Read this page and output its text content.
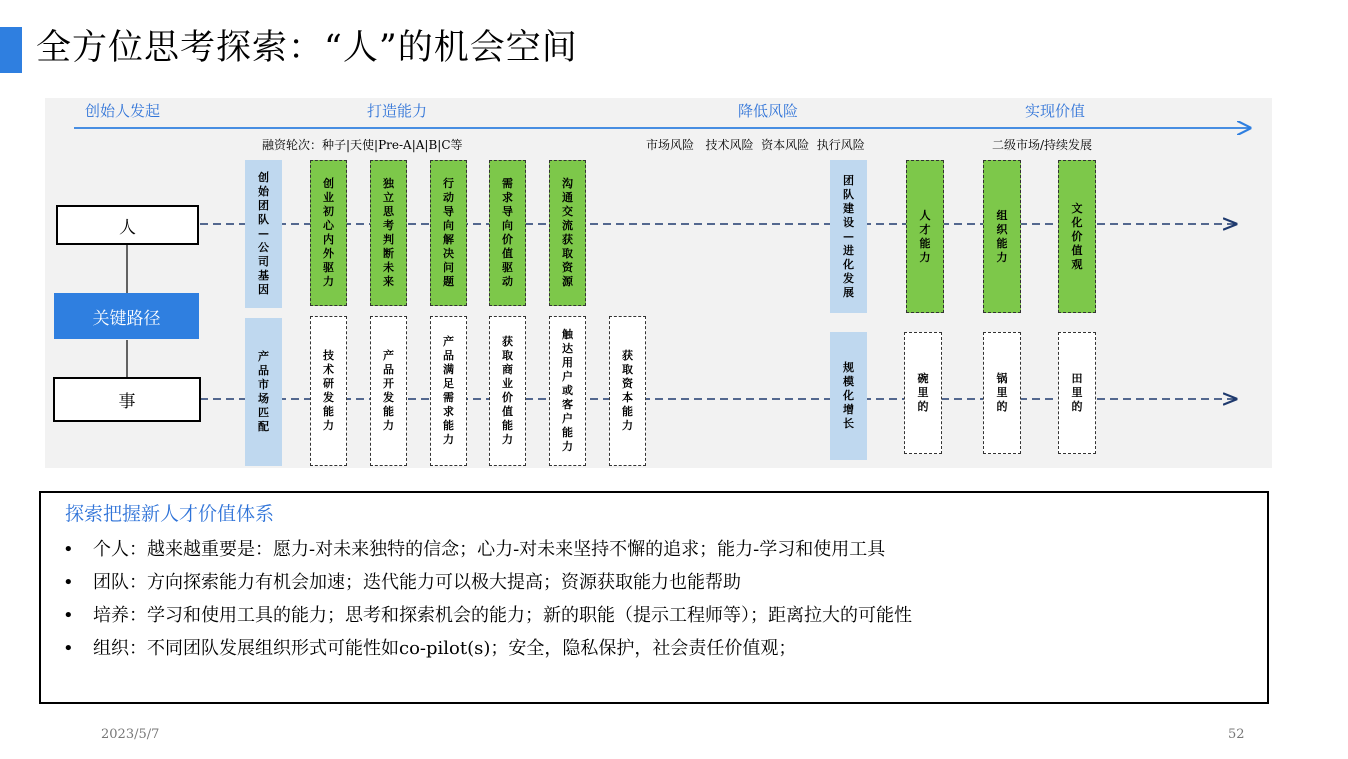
全方位思考探索：“人”的机会空间
创始人发起	打造能力	降低风险	实现价值
融资轮次：种子|天使|Pre-A|A|B|C等	市场风险   技术风险  资本风险  执行风险	二级市场/持续发展
人
关键路径
事
创始团队—公司基因
产品市场匹配
团队建设—进化发展
规模化增长
创业初心 内外驱力
独立思考 判断未来
行动导向 解决问题
需求导向 价值驱动
沟通交流 获取资源
技术研发能力
产品开发能力
产品满足需求能力
获取商业价值能力
触达用户或客户能力
获取资本能力
人才能力
组织能力
文化价值观
碗里的
锅里的
田里的
探索把握新人才价值体系
• 个人：越来越重要是：愿力-对未来独特的信念；心力-对未来坚持不懈的追求；能力-学习和使用工具
• 团队：方向探索能力有机会加速；迭代能力可以极大提高；资源获取能力也能帮助
• 培养：学习和使用工具的能力；思考和探索机会的能力；新的职能（提示工程师等）；距离拉大的可能性
• 组织：不同团队发展组织形式可能性如co-pilot(s)；安全，隐私保护，社会责任价值观；
2023/5/7	52
